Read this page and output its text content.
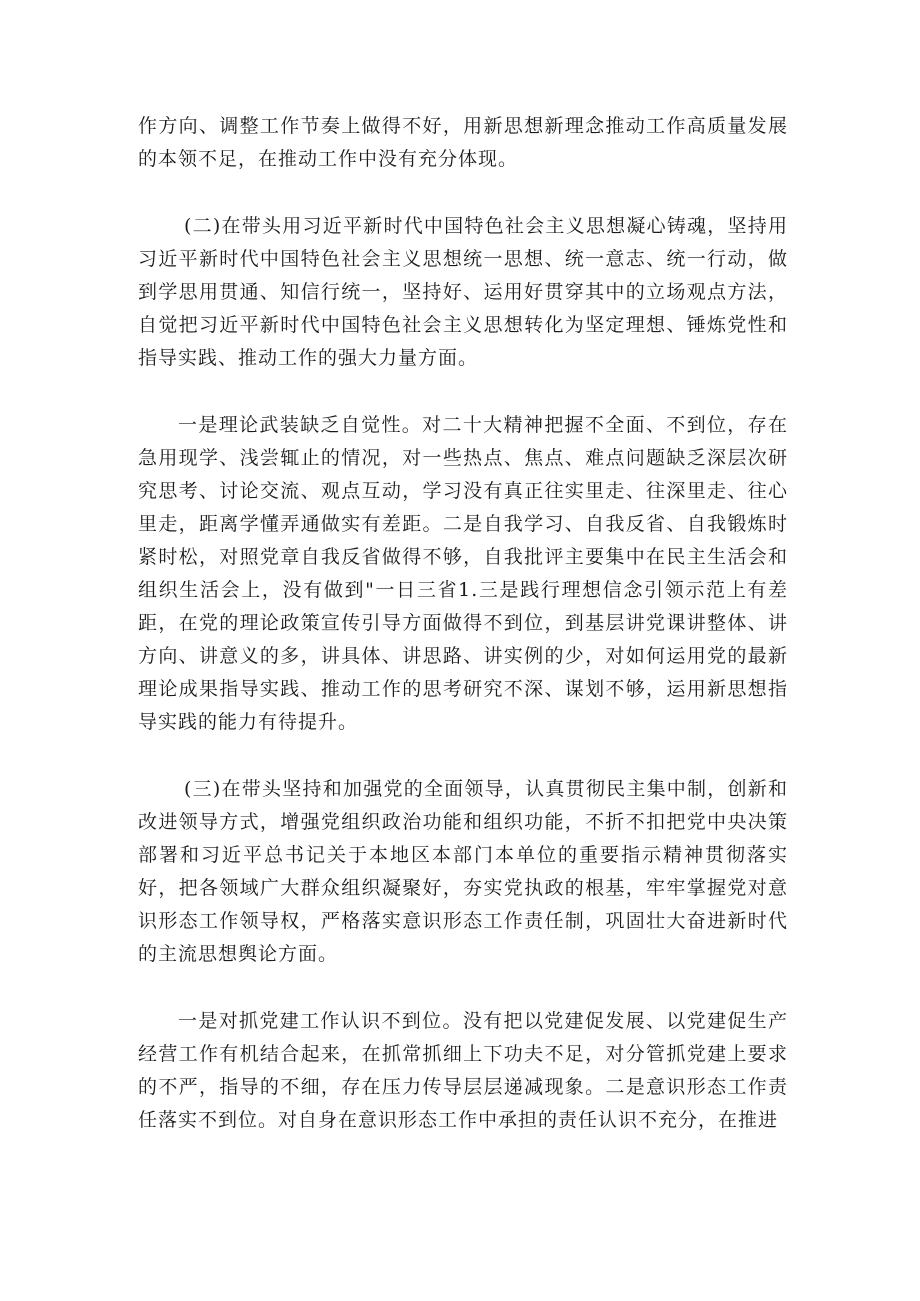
作方向、调整工作节奏上做得不好，用新思想新理念推动工作高质量发展的本领不足，在推动工作中没有充分体现。

(二)在带头用习近平新时代中国特色社会主义思想凝心铸魂，坚持用习近平新时代中国特色社会主义思想统一思想、统一意志、统一行动，做到学思用贯通、知信行统一，坚持好、运用好贯穿其中的立场观点方法，自觉把习近平新时代中国特色社会主义思想转化为坚定理想、锤炼党性和指导实践、推动工作的强大力量方面。

一是理论武装缺乏自觉性。对二十大精神把握不全面、不到位，存在急用现学、浅尝辄止的情况，对一些热点、焦点、难点问题缺乏深层次研究思考、讨论交流、观点互动，学习没有真正往实里走、往深里走、往心里走，距离学懂弄通做实有差距。二是自我学习、自我反省、自我锻炼时紧时松，对照党章自我反省做得不够，自我批评主要集中在民主生活会和组织生活会上，没有做到"一日三省1.三是践行理想信念引领示范上有差距，在党的理论政策宣传引导方面做得不到位，到基层讲党课讲整体、讲方向、讲意义的多，讲具体、讲思路、讲实例的少，对如何运用党的最新理论成果指导实践、推动工作的思考研究不深、谋划不够，运用新思想指导实践的能力有待提升。

(三)在带头坚持和加强党的全面领导，认真贯彻民主集中制，创新和改进领导方式，增强党组织政治功能和组织功能，不折不扣把党中央决策部署和习近平总书记关于本地区本部门本单位的重要指示精神贯彻落实好，把各领域广大群众组织凝聚好，夯实党执政的根基，牢牢掌握党对意识形态工作领导权，严格落实意识形态工作责任制，巩固壮大奋进新时代的主流思想舆论方面。

一是对抓党建工作认识不到位。没有把以党建促发展、以党建促生产经营工作有机结合起来，在抓常抓细上下功夫不足，对分管抓党建上要求的不严，指导的不细，存在压力传导层层递减现象。二是意识形态工作责任落实不到位。对自身在意识形态工作中承担的责任认识不充分，在推进
